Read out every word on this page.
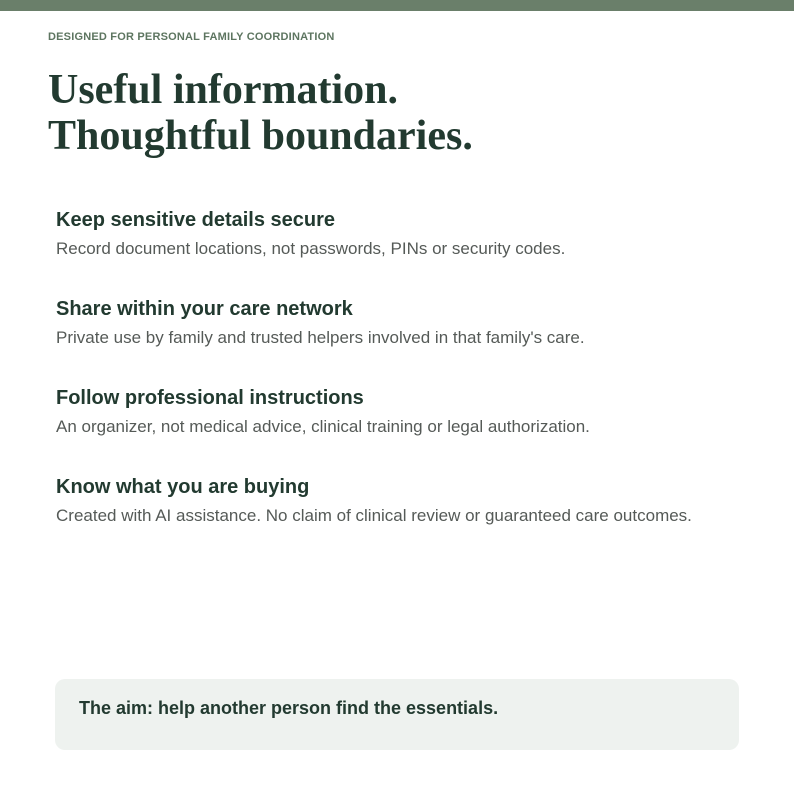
DESIGNED FOR PERSONAL FAMILY COORDINATION
Useful information.
Thoughtful boundaries.
Keep sensitive details secure
Record document locations, not passwords, PINs or security codes.
Share within your care network
Private use by family and trusted helpers involved in that family's care.
Follow professional instructions
An organizer, not medical advice, clinical training or legal authorization.
Know what you are buying
Created with AI assistance. No claim of clinical review or guaranteed care outcomes.
The aim: help another person find the essentials.
